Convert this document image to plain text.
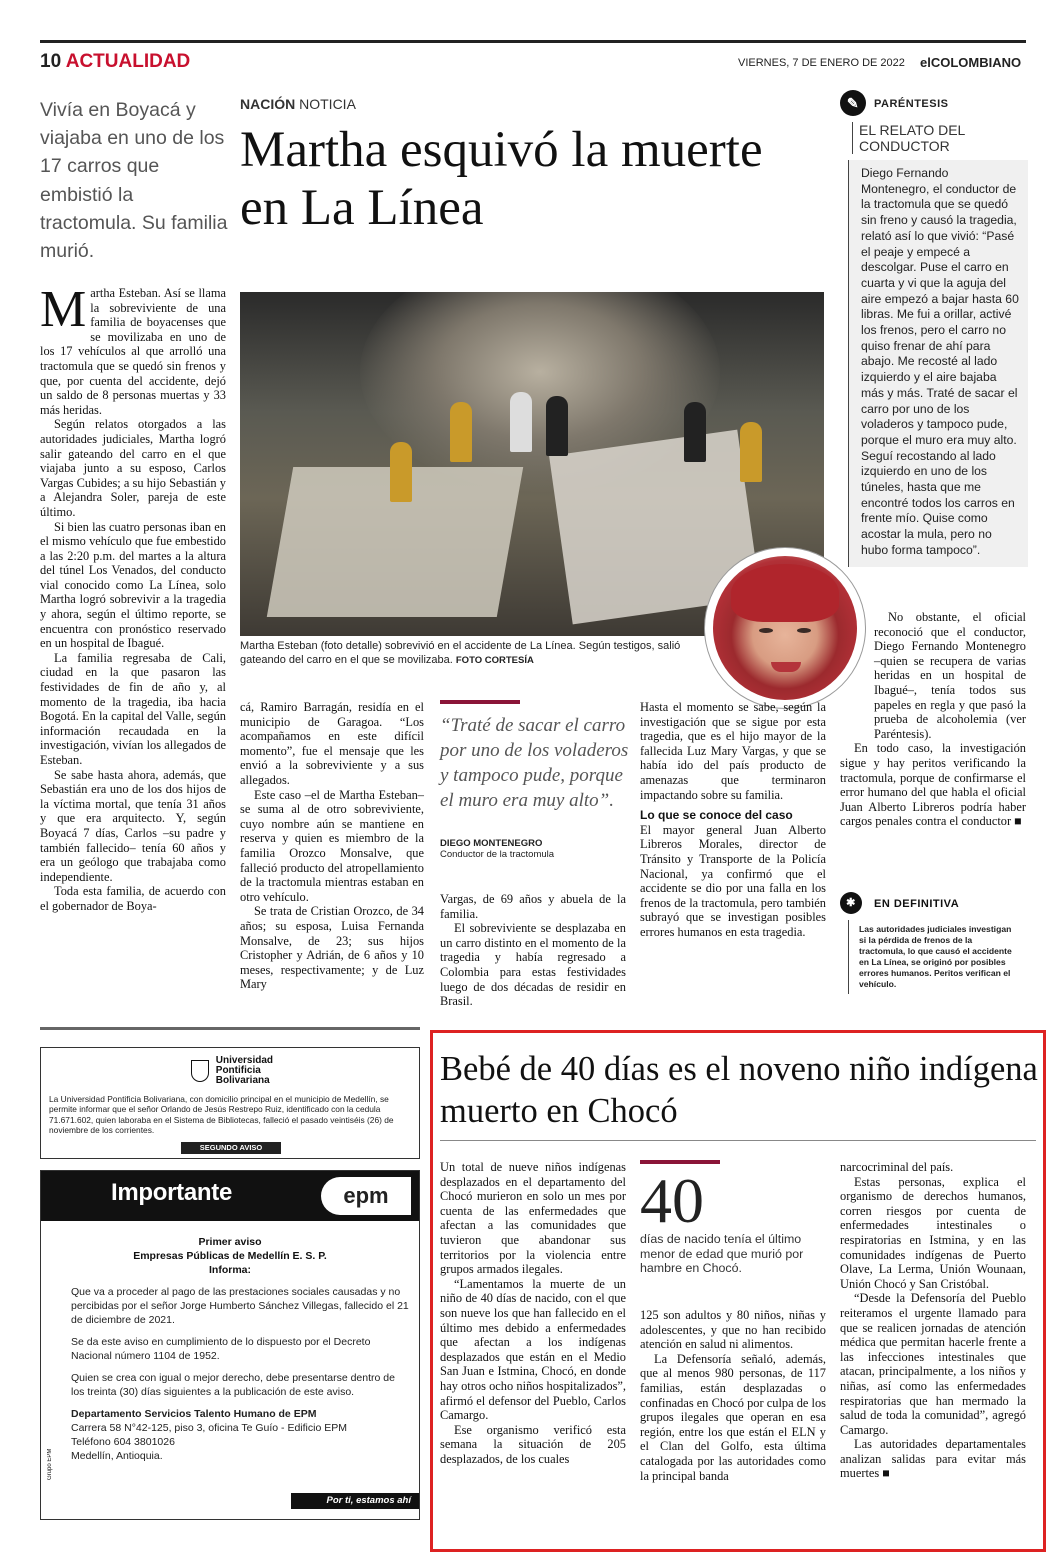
10 ACTUALIDAD	VIERNES, 7 DE ENERO DE 2022 elCOLOMBIANO
Vivía en Boyacá y viajaba en uno de los 17 carros que embistió la tractomula. Su familia murió.
NACIÓN NOTICIA
Martha esquivó la muerte en La Línea
Martha Esteban (foto detalle) sobrevivió en el accidente de La Línea. Según testigos, salió gateando del carro en el que se movilizaba. FOTO CORTESÍA

Martha Esteban. Así se llama la sobreviviente de una familia de boyacenses que se movilizaba en uno de los 17 vehículos al que arrolló una tractomula que se quedó sin frenos y que, por cuenta del accidente, dejó un saldo de 8 personas muertas y 33 más heridas.

Según relatos otorgados a las autoridades judiciales, Martha logró salir gateando del carro en el que viajaba junto a su esposo, Carlos Vargas Cubides; a su hijo Sebastián y a Alejandra Soler, pareja de este último.

Si bien las cuatro personas iban en el mismo vehículo que fue embestido a las 2:20 p.m. del martes a la altura del túnel Los Venados, del conducto vial conocido como La Línea, solo Martha logró sobrevivir a la tragedia y ahora, según el último reporte, se encuentra con pronóstico reservado en un hospital de Ibagué.

La familia regresaba de Cali, ciudad en la que pasaron las festividades de fin de año y, al momento de la tragedia, iba hacia Bogotá. En la capital del Valle, según información recaudada en la investigación, vivían los allegados de Esteban.

Se sabe hasta ahora, además, que Sebastián era uno de los dos hijos de la víctima mortal, que tenía 31 años y que era arquitecto. Y, según Boyacá 7 días, Carlos –su padre y también fallecido– tenía 60 años y era un geólogo que trabajaba como independiente.

Toda esta familia, de acuerdo con el gobernador de Boya-

cá, Ramiro Barragán, residía en el municipio de Garagoa. “Los acompañamos en este difícil momento”, fue el mensaje que les envió a la sobreviviente y a sus allegados.

Este caso –el de Martha Esteban– se suma al de otro sobreviviente, cuyo nombre aún se mantiene en reserva y quien es miembro de la familia Orozco Monsalve, que falleció producto del atropellamiento de la tractomula mientras estaban en otro vehículo.

Se trata de Cristian Orozco, de 34 años; su esposa, Luisa Fernanda Monsalve, de 23; sus hijos Cristopher y Adrián, de 6 años y 10 meses, respectivamente; y de Luz Mary

“Traté de sacar el carro por uno de los voladeros y tampoco pude, porque el muro era muy alto”.
DIEGO MONTENEGRO
Conductor de la tractomula

Vargas, de 69 años y abuela de la familia.

El sobreviviente se desplazaba en un carro distinto en el momento de la tragedia y había regresado a Colombia para estas festividades luego de dos décadas de residir en Brasil.

Hasta el momento se sabe, según la investigación que se sigue por esta tragedia, que es el hijo mayor de la fallecida Luz Mary Vargas, y que se había ido del país producto de amenazas que terminaron impactando sobre su familia.

Lo que se conoce del caso

El mayor general Juan Alberto Libreros Morales, director de Tránsito y Transporte de la Policía Nacional, ya confirmó que el accidente se dio por una falla en los frenos de la tractomula, pero también subrayó que se investigan posibles errores humanos en esta tragedia.

No obstante, el oficial reconoció que el conductor, Diego Fernando Montenegro –quien se recupera de varias heridas en un hospital de Ibagué–, tenía todos sus papeles en regla y que pasó la prueba de alcoholemia (ver Paréntesis).

En todo caso, la investigación sigue y hay peritos verificando la tractomula, porque de confirmarse el error humano del que habla el oficial Juan Alberto Libreros podría haber cargos penales contra el conductor ■

✎	PARÉNTESIS
EL RELATO DEL CONDUCTOR
Diego Fernando Montenegro, el conductor de la tractomula que se quedó sin freno y causó la tragedia, relató así lo que vivió: “Pasé el peaje y empecé a descolgar. Puse el carro en cuarta y vi que la aguja del aire empezó a bajar hasta 60 libras. Me fui a orillar, activé los frenos, pero el carro no quiso frenar de ahí para abajo. Me recosté al lado izquierdo y el aire bajaba más y más. Traté de sacar el carro por uno de los voladeros y tampoco pude, porque el muro era muy alto. Seguí recostando al lado izquierdo en uno de los túneles, hasta que me encontré todos los carros en frente mío. Quise como acostar la mula, pero no hubo forma tampoco”.
✱	EN DEFINITIVA
Las autoridades judiciales investigan si la pérdida de frenos de la tractomula, lo que causó el accidente en La Línea, se originó por posibles errores humanos. Peritos verifican el vehículo.
Universidad
Pontificia
Bolivariana
La Universidad Pontificia Bolivariana, con domicilio principal en el municipio de Medellín, se permite informar que el señor Orlando de Jesús Restrepo Ruiz, identificado con la cedula 71.671.602, quien laboraba en el Sistema de Bibliotecas, falleció el pasado veintiséis (26) de noviembre de los corrientes.
SEGUNDO AVISO
Importante	epm
Primer aviso
Empresas Públicas de Medellín E. S. P.
Informa:

Que va a proceder al pago de las prestaciones sociales causadas y no percibidas por el señor Jorge Humberto Sánchez Villegas, fallecido el 21 de diciembre de 2021.

Se da este aviso en cumplimiento de lo dispuesto por el Decreto Nacional número 1104 de 1952.

Quien se crea con igual o mejor derecho, debe presentarse dentro de los treinta (30) días siguientes a la publicación de este aviso.

Departamento Servicios Talento Humano de EPM
Carrera 58 N°42-125, piso 3, oficina Te Guío - Edificio EPM
Teléfono 604 3801026
Medellín, Antioquia.
Grupo EPM
Por ti, estamos ahí
Bebé de 40 días es el noveno niño indígena muerto en Chocó

Un total de nueve niños indígenas desplazados en el departamento del Chocó murieron en solo un mes por cuenta de las enfermedades que afectan a las comunidades que tuvieron que abandonar sus territorios por la violencia entre grupos armados ilegales.

“Lamentamos la muerte de un niño de 40 días de nacido, con el que son nueve los que han fallecido en el último mes debido a enfermedades que afectan a los indígenas desplazados que están en el Medio San Juan e Istmina, Chocó, en donde hay otros ocho niños hospitalizados”, afirmó el defensor del Pueblo, Carlos Camargo.

Ese organismo verificó esta semana la situación de 205 desplazados, de los cuales

40
días de nacido tenía el último menor de edad que murió por hambre en Chocó.

125 son adultos y 80 niños, niñas y adolescentes, y que no han recibido atención en salud ni alimentos.

La Defensoría señaló, además, que al menos 980 personas, de 117 familias, están desplazadas o confinadas en Chocó por culpa de los grupos ilegales que operan en esa región, entre los que están el ELN y el Clan del Golfo, esta última catalogada por las autoridades como la principal banda

narcocriminal del país.

Estas personas, explica el organismo de derechos humanos, corren riesgos por cuenta de enfermedades intestinales o respiratorias en Istmina, y en las comunidades indígenas de Puerto Olave, La Lerma, Unión Wounaan, Unión Chocó y San Cristóbal.

“Desde la Defensoría del Pueblo reiteramos el urgente llamado para que se realicen jornadas de atención médica que permitan hacerle frente a las infecciones intestinales que atacan, principalmente, a los niños y niñas, así como las enfermedades respiratorias que han mermado la salud de toda la comunidad”, agregó Camargo.

Las autoridades departamentales analizan salidas para evitar más muertes ■
